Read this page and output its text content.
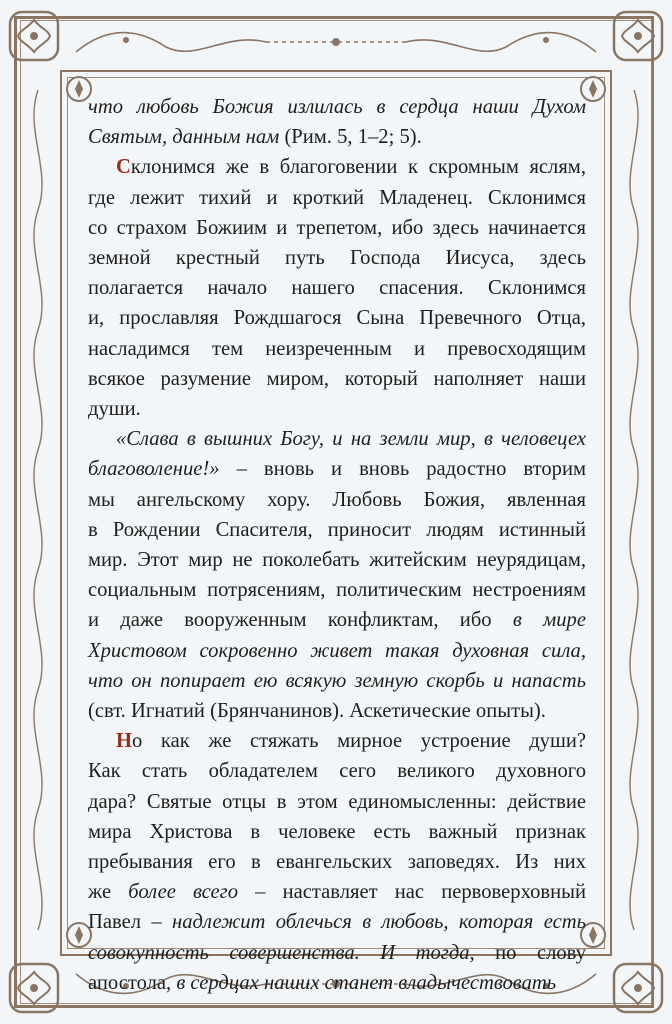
что любовь Божия излилась в сердца наши Духом
Святым, данным нам (Рим. 5, 1–2; 5).
Склонимся же в благоговении к скромным яслям,
где лежит тихий и кроткий Младенец. Склонимся
со страхом Божиим и трепетом, ибо здесь начинается
земной крестный путь Господа Иисуса, здесь
полагается начало нашего спасения. Склонимся
и, прославляя Рождшагося Сына Превечного Отца,
насладимся тем неизреченным и превосходящим
всякое разумение миром, который наполняет наши
души.
«Слава в вышних Богу, и на земли мир, в человецех
благоволение!» – вновь и вновь радостно вторим
мы ангельскому хору. Любовь Божия, явленная
в Рождении Спасителя, приносит людям истинный
мир. Этот мир не поколебать житейским неурядицам,
социальным потрясениям, политическим нестроениям
и даже вооруженным конфликтам, ибо в мире
Христовом сокровенно живет такая духовная сила,
что он попирает ею всякую земную скорбь и напасть
(свт. Игнатий (Брянчанинов). Аскетические опыты).
Но как же стяжать мирное устроение души?
Как стать обладателем сего великого духовного
дара? Святые отцы в этом единомысленны: действие
мира Христова в человеке есть важный признак
пребывания его в евангельских заповедях. Из них
же более всего – наставляет нас первоверховный
Павел – надлежит облечься в любовь, которая есть
совокупность совершенства. И тогда, по слову
апостола, в сердцах наших станет владычествовать
